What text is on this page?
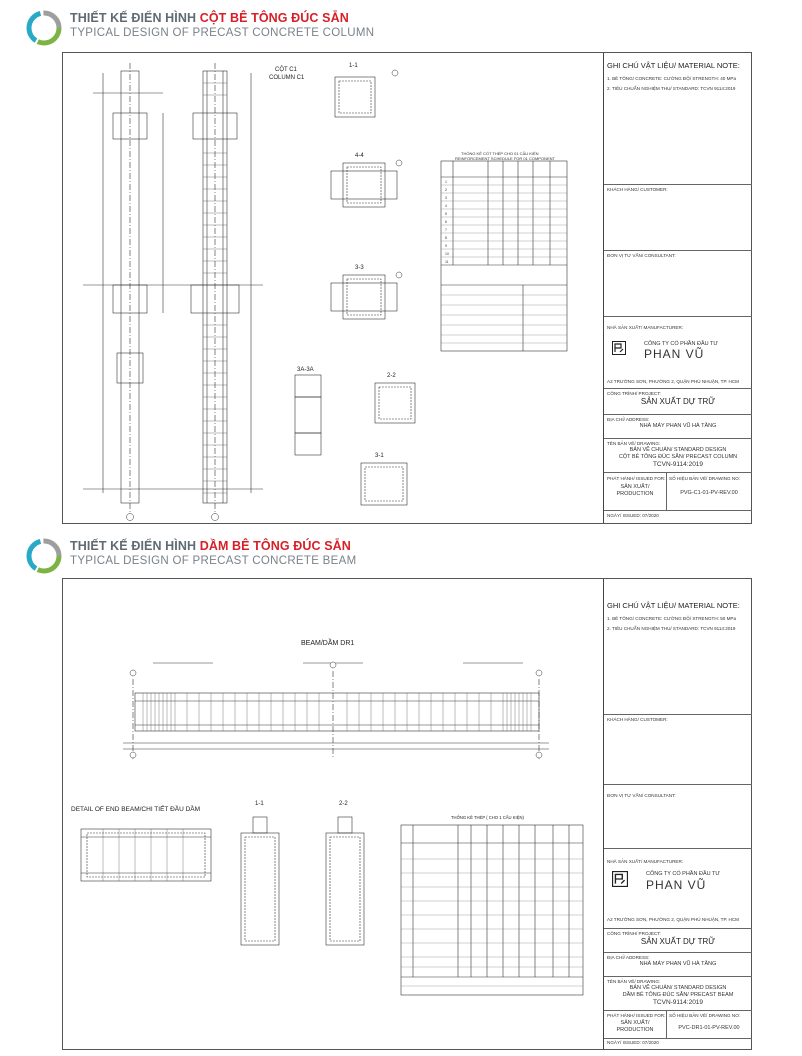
THIẾT KẾ ĐIỂN HÌNH CỘT BÊ TÔNG ĐÚC SẴN
TYPICAL DESIGN OF PRECAST CONCRETE COLUMN
CỘT C1
COLUMN C1
1-1
4-4
3-3
3A-3A
2-2
3-1
THỐNG KÊ CỐT THÉP CHO 01 CẤU KIỆN
REINFORCEMENT SCHEDULE FOR 01 COMPONENT
1
2
3
4
5
6
7
8
9
10
11
GHI CHÚ VẬT LIỆU/ MATERIAL NOTE:
1. BÊ TÔNG/ CONCRETE: CƯỜNG ĐỘ/ STRENGTH: 40 MPa
2. TIÊU CHUẨN NGHIỆM THU/ STANDARD: TCVN 9114:2019
KHÁCH HÀNG/ CUSTOMER:
ĐƠN VỊ TƯ VẤN/ CONSULTANT:
NHÀ SẢN XUẤT/ MANUFACTURER:
CÔNG TY CỔ PHẦN ĐẦU TƯ
PHAN VŨ
A2 TRƯỜNG SƠN, PHƯỜNG 2, QUẬN PHÚ NHUẬN, TP. HCM
CÔNG TRÌNH/ PROJECT:
SẢN XUẤT DỰ TRỮ
ĐỊA CHỈ/ ADDRESS:
NHÀ MÁY PHAN VŨ HÀ TĂNG
TÊN BẢN VẼ/ DRAWING:
BẢN VẼ CHUẨN/ STANDARD DESIGN
CỘT BÊ TÔNG ĐÚC SẴN/ PRECAST COLUMN
TCVN-9114:2019
PHÁT HÀNH/ ISSUED FOR:
SẢN XUẤT/
PRODUCTION
SỐ HIỆU BẢN VẼ/ DRAWING NO:
PVG-C1-01-PV-REV.00
NGÀY/ ISSUED: 07/2020
THIẾT KẾ ĐIỂN HÌNH DẦM BÊ TÔNG ĐÚC SẴN
TYPICAL DESIGN OF PRECAST CONCRETE BEAM
BEAM/DẦM DR1
DETAIL OF END BEAM/CHI TIẾT ĐẦU DẦM
1-1	2-2
THỐNG KÊ THÉP ( CHO 1 CẤU KIỆN)
GHI CHÚ VẬT LIỆU/ MATERIAL NOTE:
1. BÊ TÔNG/ CONCRETE: CƯỜNG ĐỘ/ STRENGTH: 50 MPa
2. TIÊU CHUẨN NGHIỆM THU/ STANDARD: TCVN 9114:2019
KHÁCH HÀNG/ CUSTOMER:
ĐƠN VỊ TƯ VẤN/ CONSULTANT:
NHÀ SẢN XUẤT/ MANUFACTURER:
CÔNG TY CỔ PHẦN ĐẦU TƯ
PHAN VŨ
A2 TRƯỜNG SƠN, PHƯỜNG 2, QUẬN PHÚ NHUẬN, TP. HCM
CÔNG TRÌNH/ PROJECT:
SẢN XUẤT DỰ TRỮ
ĐỊA CHỈ/ ADDRESS:
NHÀ MÁY PHAN VŨ HÀ TĂNG
TÊN BẢN VẼ/ DRAWING:
BẢN VẼ CHUẨN/ STANDARD DESIGN
DẦM BÊ TÔNG ĐÚC SẴN/ PRECAST BEAM
TCVN-9114:2019
PHÁT HÀNH/ ISSUED FOR:
SẢN XUẤT/
PRODUCTION
SỐ HIỆU BẢN VẼ/ DRAWING NO:
PVC-DR1-01-PV-REV.00
NGÀY/ ISSUED: 07/2020
